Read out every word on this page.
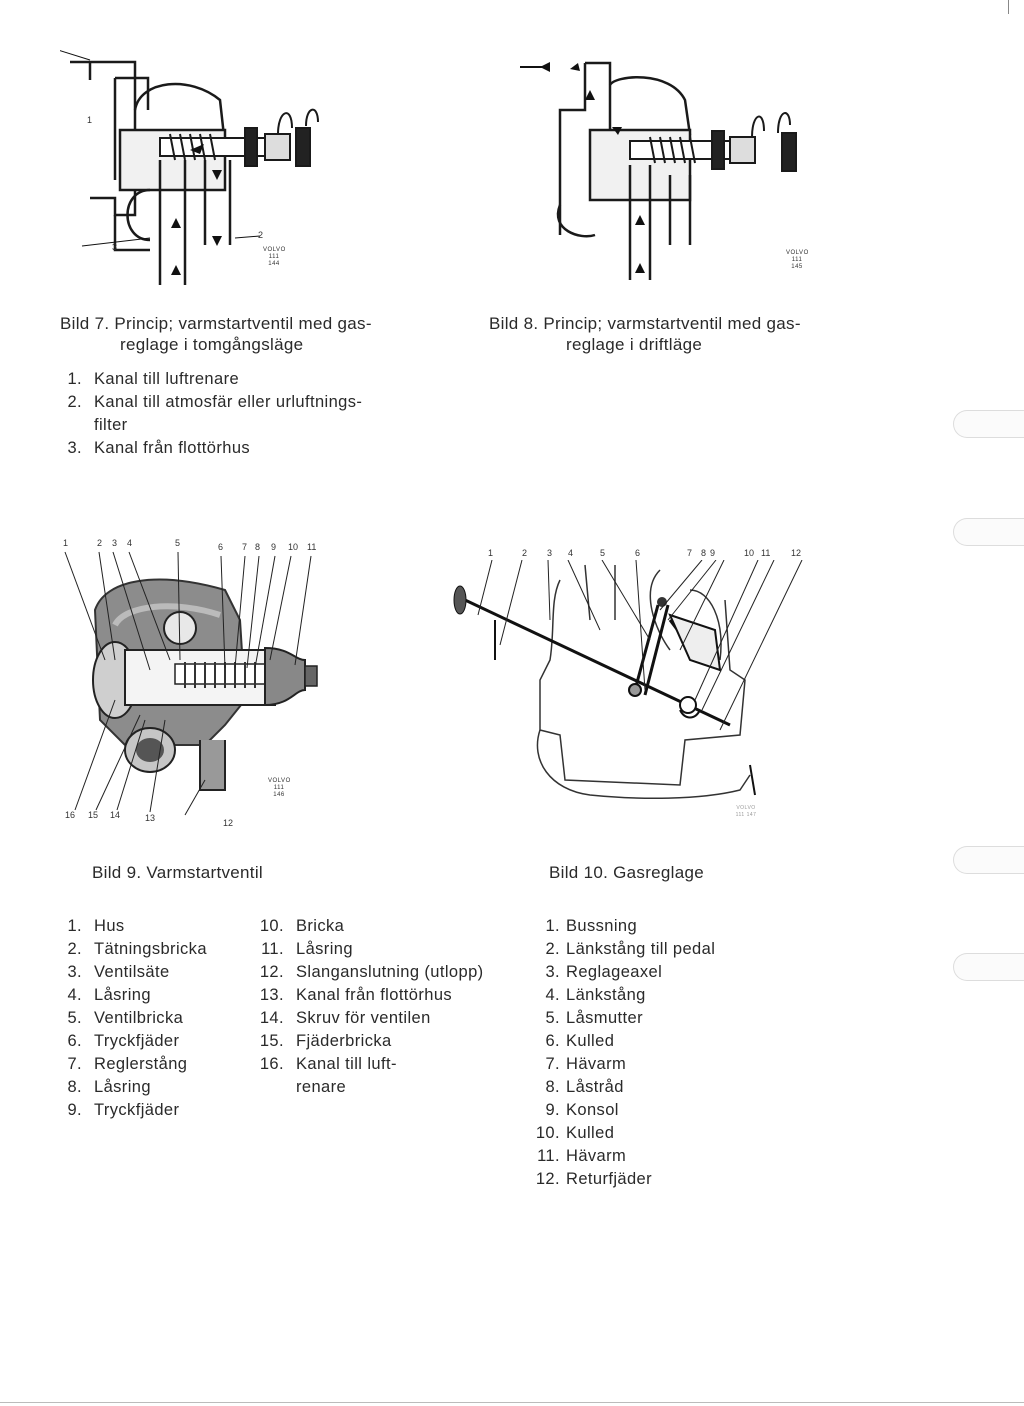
1
2
3	VOLVO
111 144
VOLVO
111 145
Bild 7. Princip; varmstartventil med gas-
reglage i tomgångsläge
Bild 8. Princip; varmstartventil med gas-
reglage i driftläge
1. Kanal till luftrenare
2. Kanal till atmosfär eller urluftnings-
filter
3. Kanal från flottörhus
1	2 3 4	5	6 7 8 9 10 11
16 15 14	13	12
VOLVO
111 146
1	2 3 4	5	6	7 8 9	10 11 12
VOLVO
111 147
Bild 9. Varmstartventil	Bild 10. Gasreglage
1. Hus
2. Tätningsbricka
3. Ventilsäte
4. Låsring
5. Ventilbricka
6. Tryckfjäder
7. Reglerstång
8. Låsring
9. Tryckfjäder
10. Bricka
11. Låsring
12. Slanganslutning (utlopp)
13. Kanal från flottörhus
14. Skruv för ventilen
15. Fjäderbricka
16. Kanal till luft-
renare
1. Bussning
2. Länkstång till pedal
3. Reglageaxel
4. Länkstång
5. Låsmutter
6. Kulled
7. Hävarm
8. Låstråd
9. Konsol
10. Kulled
11. Hävarm
12. Returfjäder
